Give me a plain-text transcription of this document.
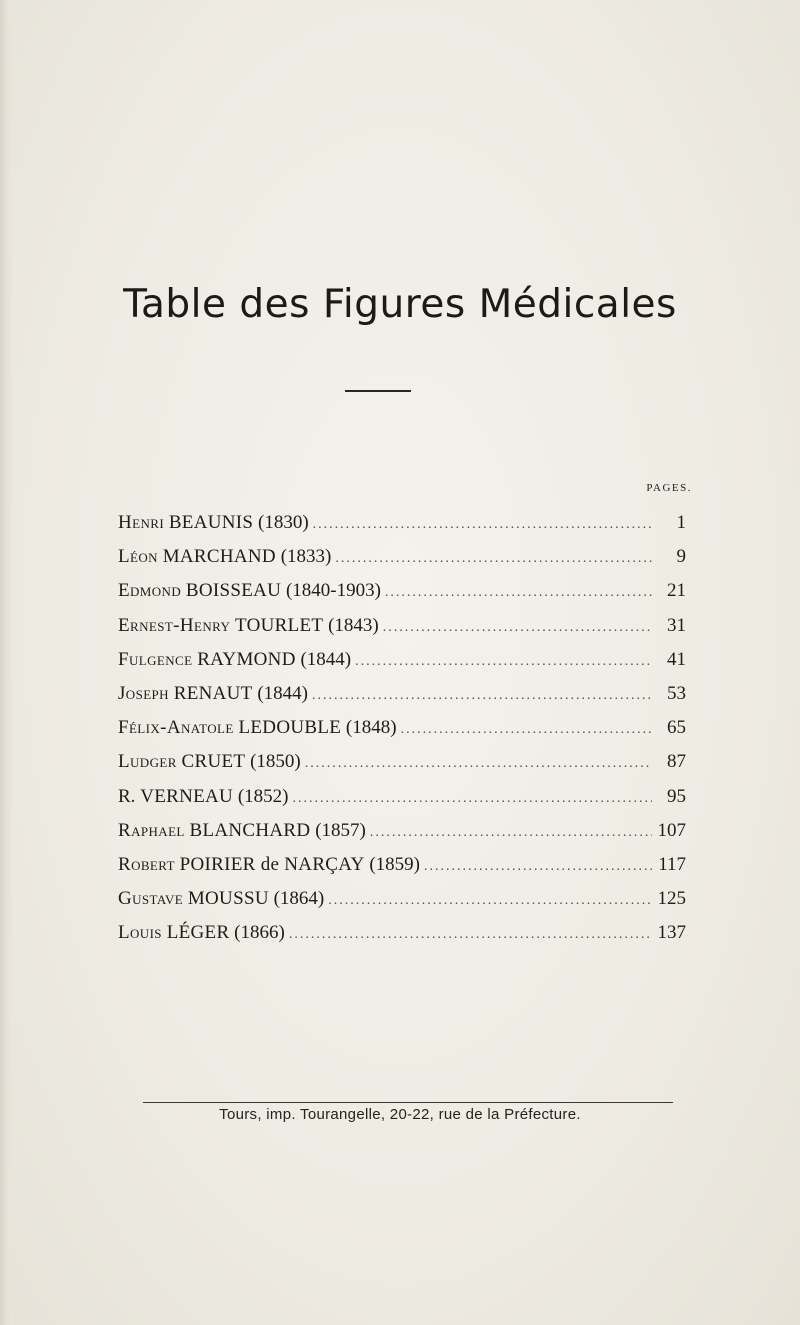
Table des Figures Médicales
PAGES.
Henri BEAUNIS (1830) .....	1
Léon MARCHAND (1833) .....	9
Edmond BOISSEAU (1840-1903) .....	21
Ernest-Henry TOURLET (1843) .....	31
Fulgence RAYMOND (1844) .....	41
Joseph RENAUT (1844) .....	53
Félix-Anatole LEDOUBLE (1848) .....	65
Ludger CRUET (1850) .....	87
R. VERNEAU (1852) .....	95
Raphael BLANCHARD (1857) .....	107
Robert POIRIER de NARÇAY (1859) .....	117
Gustave MOUSSU (1864) .....	125
Louis LÉGER (1866) .....	137
Tours, imp. Tourangelle, 20-22, rue de la Préfecture.
